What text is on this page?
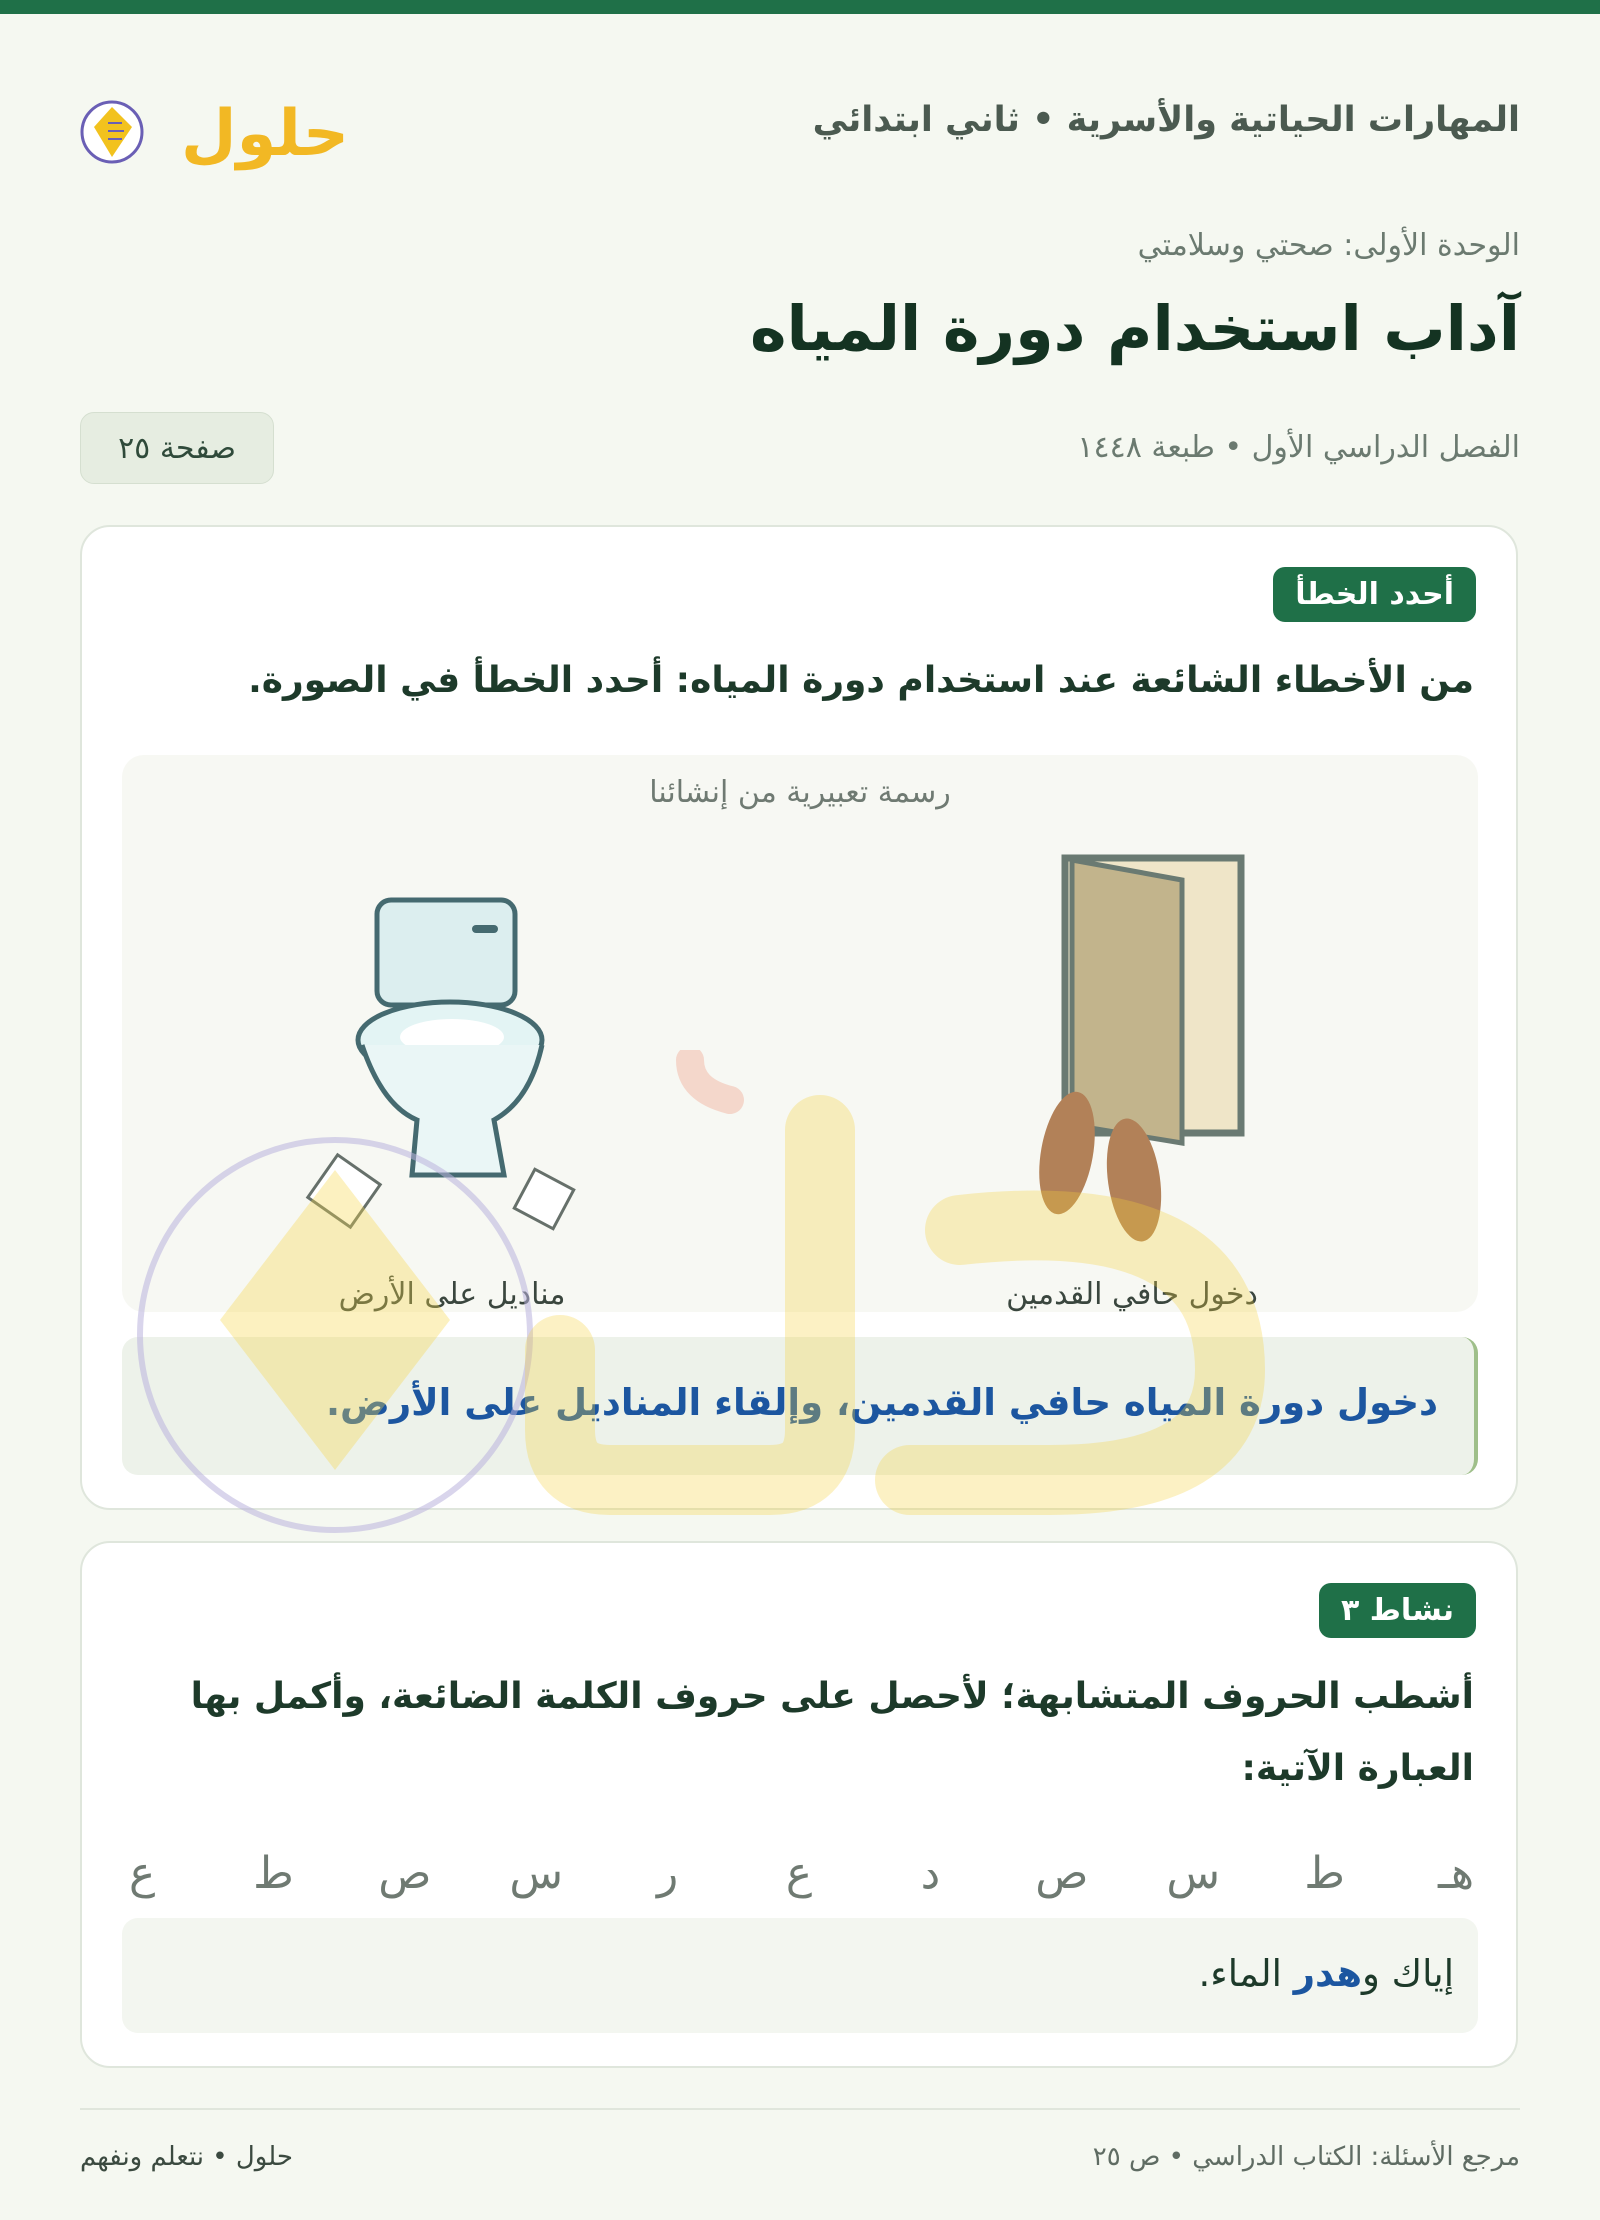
المهارات الحياتية والأسرية • ثاني ابتدائي
حلول
الوحدة الأولى: صحتي وسلامتي
آداب استخدام دورة المياه
الفصل الدراسي الأول • طبعة ١٤٤٨
صفحة ٢٥
أحدد الخطأ

من الأخطاء الشائعة عند استخدام دورة المياه: أحدد الخطأ في الصورة.

رسمة تعبيرية من إنشائنا
مناديل على الأرض	دخول حافي القدمين
دخول دورة المياه حافي القدمين، وإلقاء المناديل على الأرض.
نشاط ٣

أشطب الحروف المتشابهة؛ لأحصل على حروف الكلمة الضائعة، وأكمل بها العبارة الآتية:

هـ
ط
س
ص
د
ع
ر
س
ص
ط
ع
إياك وهدر الماء.
مرجع الأسئلة: الكتاب الدراسي • ص ٢٥
حلول • نتعلم ونفهم
